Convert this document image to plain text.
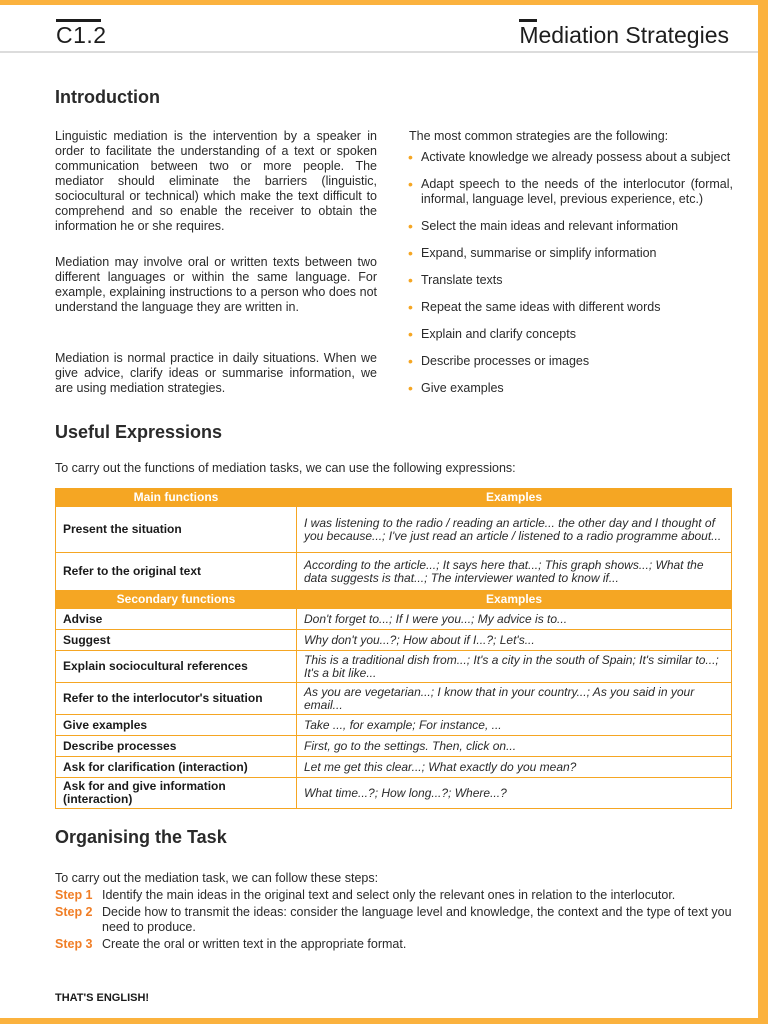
C1.2	Mediation Strategies
Introduction

Linguistic mediation is the intervention by a speaker in order to facilitate the understanding of a text or spoken communication between two or more people. The mediator should eliminate the barriers (linguistic, sociocultural or technical) which make the text difficult to comprehend and so enable the receiver to obtain the information he or she requires.

Mediation may involve oral or written texts between two different languages or within the same language. For example, explaining instructions to a person who does not understand the language they are written in.

Mediation is normal practice in daily situations. When we give advice, clarify ideas or summarise information, we are using mediation strategies.

The most common strategies are the following:

• Activate knowledge we already possess about a subject
• Adapt speech to the needs of the interlocutor (formal, informal, language level, previous experience, etc.)
• Select the main ideas and relevant information
• Expand, summarise or simplify information
• Translate texts
• Repeat the same ideas with different words
• Explain and clarify concepts
• Describe processes or images
• Give examples
Useful Expressions

To carry out the functions of mediation tasks, we can use the following expressions:

Main functions	Examples
Present the situation	I was listening to the radio / reading an article... the other day and I thought of you because...; I've just read an article / listened to a radio programme about...
Refer to the original text	According to the article...; It says here that...; This graph shows...; What the data suggests is that...; The interviewer wanted to know if...
Secondary functions	Examples
Advise	Don't forget to...; If I were you...; My advice is to...
Suggest	Why don't you...?; How about if I...?; Let's...
Explain sociocultural references	This is a traditional dish from...; It's a city in the south of Spain; It's similar to...; It's a bit like...
Refer to the interlocutor's situation	As you are vegetarian...; I know that in your country...; As you said in your email...
Give examples	Take ..., for example; For instance, ...
Describe processes	First, go to the settings. Then, click on...
Ask for clarification (interaction)	Let me get this clear...; What exactly do you mean?
Ask for and give information (interaction)	What time...?; How long...?; Where...?
Organising the Task
To carry out the mediation task, we can follow these steps:
Step 1 Identify the main ideas in the original text and select only the relevant ones in relation to the interlocutor.
Step 2 Decide how to transmit the ideas: consider the language level and knowledge, the context and the type of text you need to produce.
Step 3 Create the oral or written text in the appropriate format.
THAT'S ENGLISH!
